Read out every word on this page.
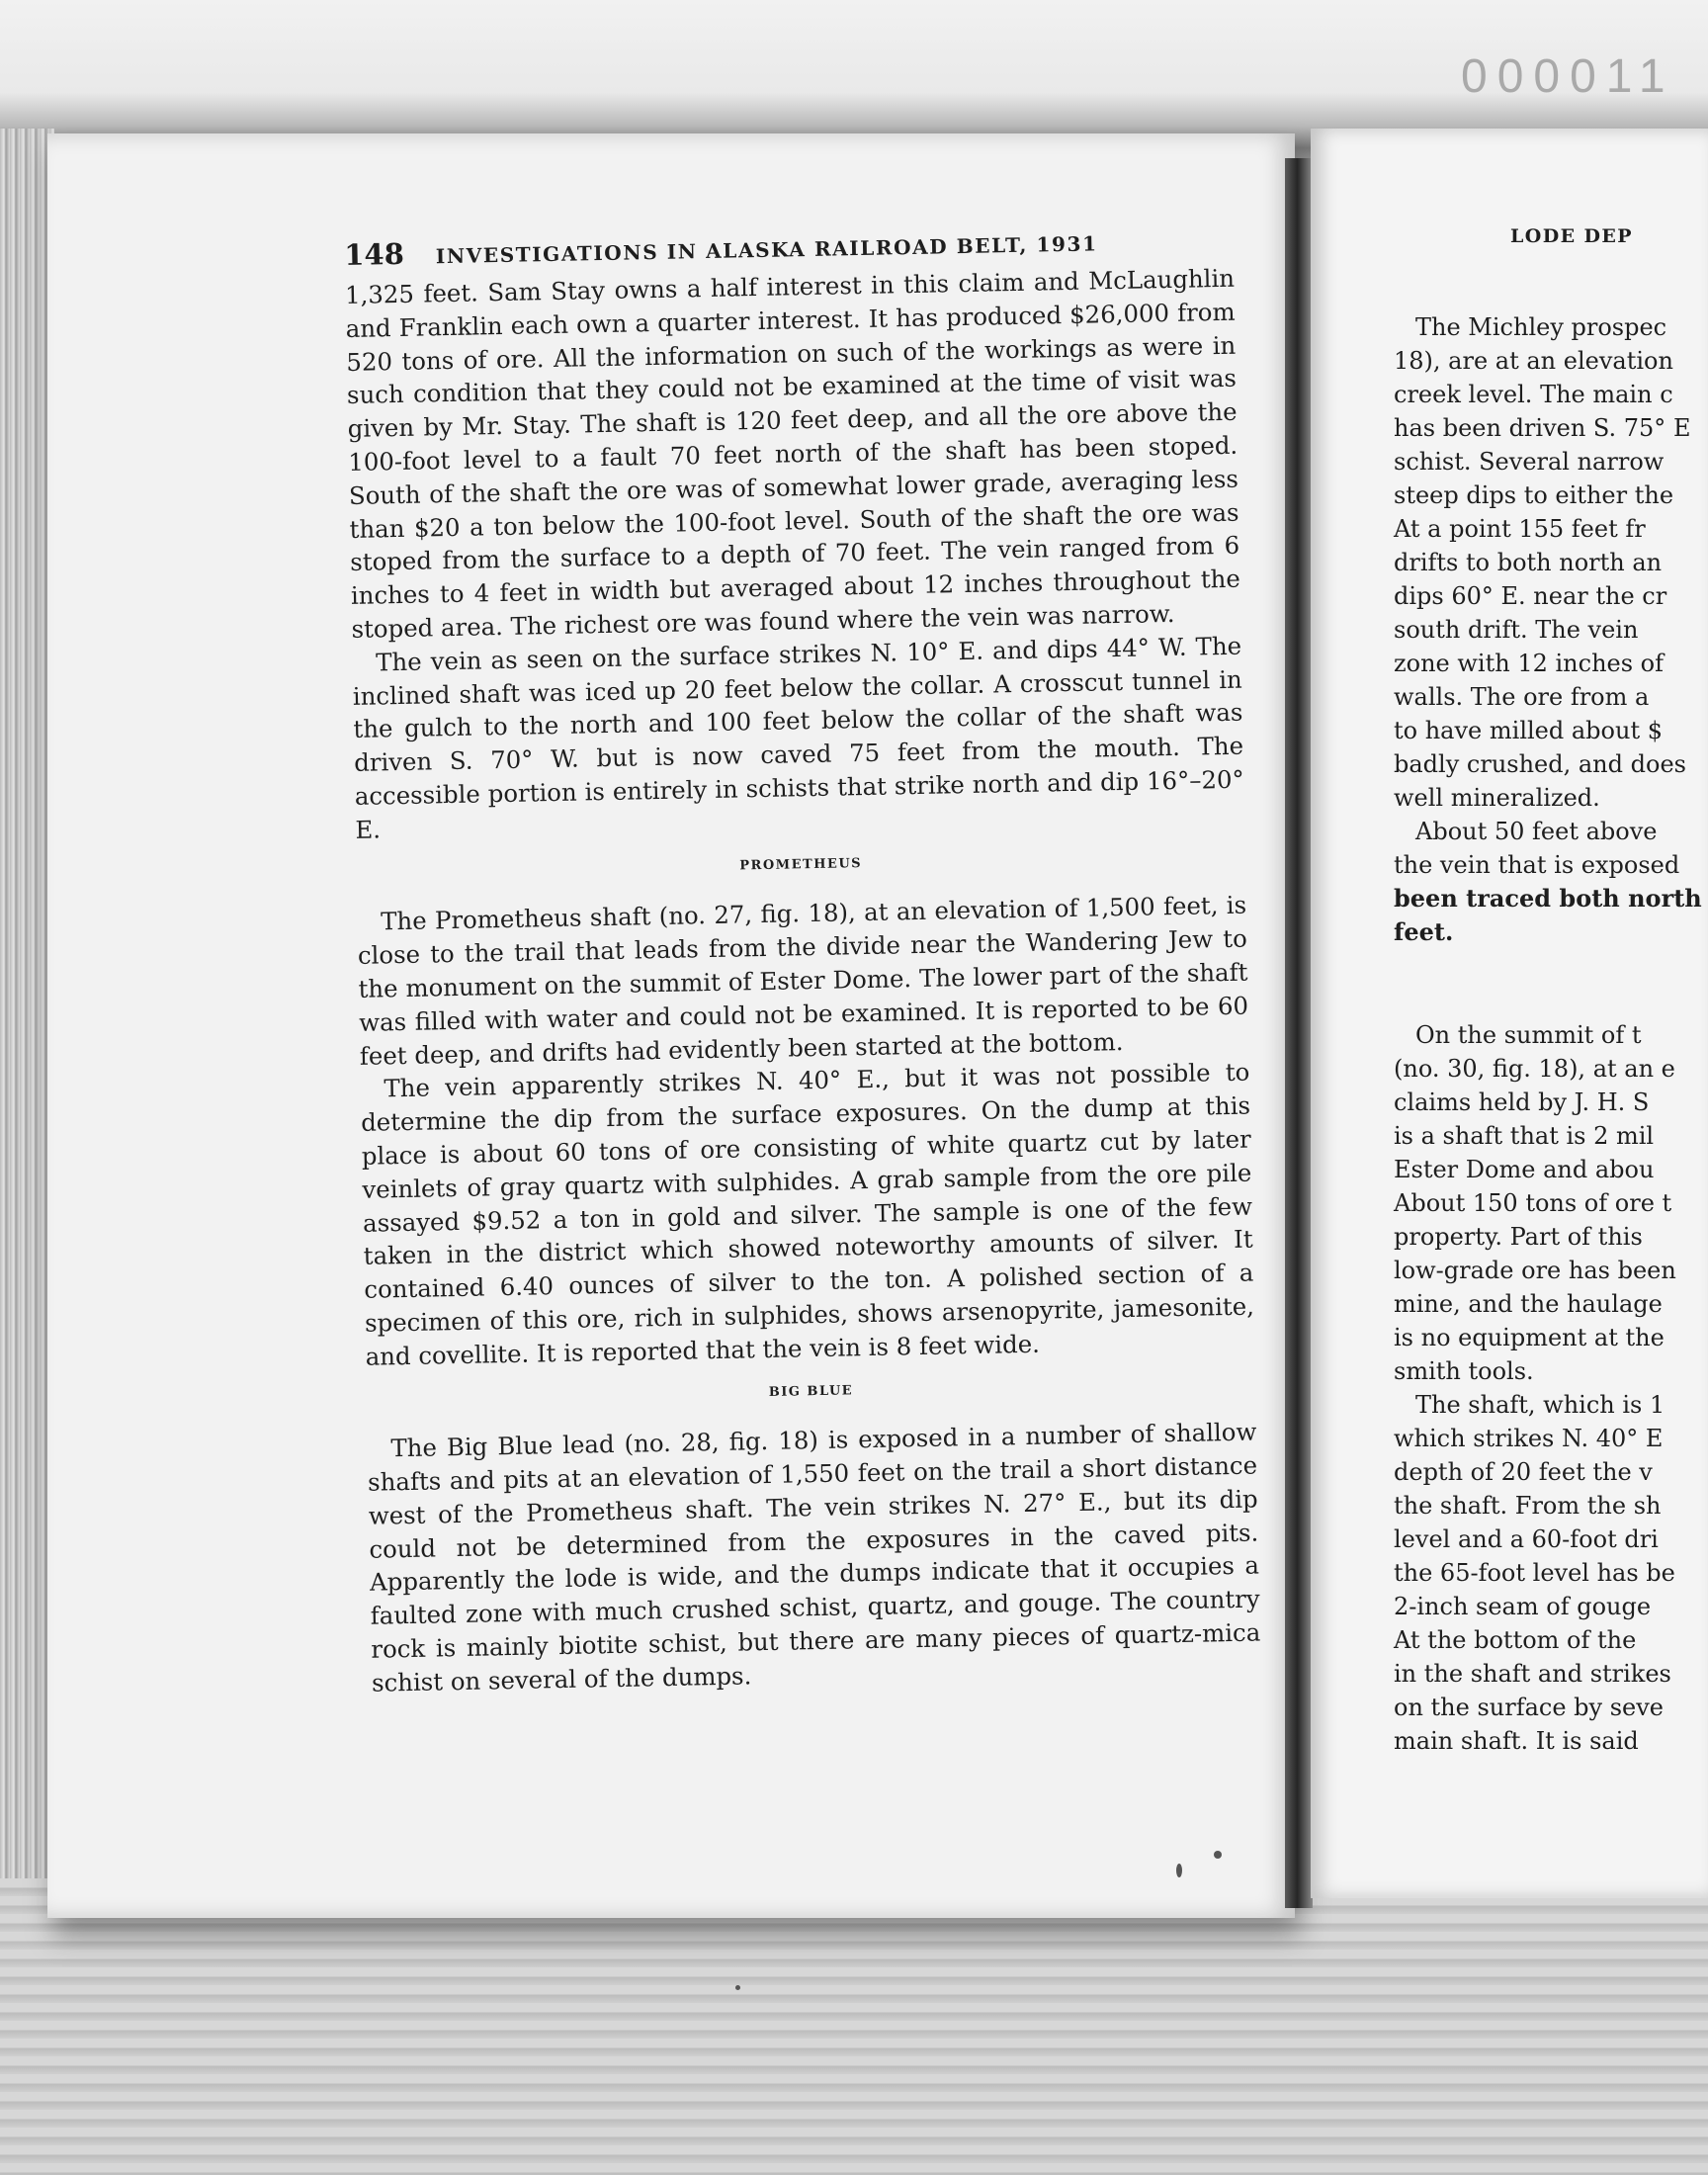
000011
LODE DEP
The Michley prospec
18), are at an elevation
creek level. The main c
has been driven S. 75° E
schist. Several narrow
steep dips to either the
At a point 155 feet fr
drifts to both north an
dips 60° E. near the cr
south drift. The vein
zone with 12 inches of
walls. The ore from a
to have milled about $
badly crushed, and does
well mineralized.
About 50 feet above
the vein that is exposed
been traced both north
feet.
On the summit of t
(no. 30, fig. 18), at an e
claims held by J. H. S
is a shaft that is 2 mil
Ester Dome and abou
About 150 tons of ore t
property. Part of this
low-grade ore has been
mine, and the haulage
is no equipment at the
smith tools.
The shaft, which is 1
which strikes N. 40° E
depth of 20 feet the v
the shaft. From the sh
level and a 60-foot dri
the 65-foot level has be
2-inch seam of gouge
At the bottom of the
in the shaft and strikes
on the surface by seve
main shaft. It is said
148 INVESTIGATIONS IN ALASKA RAILROAD BELT, 1931

1,325 feet. Sam Stay owns a half interest in this claim and McLaughlin and Franklin each own a quarter interest. It has produced $26,000 from 520 tons of ore. All the information on such of the workings as were in such condition that they could not be examined at the time of visit was given by Mr. Stay. The shaft is 120 feet deep, and all the ore above the 100-foot level to a fault 70 feet north of the shaft has been stoped. South of the shaft the ore was of somewhat lower grade, averaging less than $20 a ton below the 100-foot level. South of the shaft the ore was stoped from the surface to a depth of 70 feet. The vein ranged from 6 inches to 4 feet in width but averaged about 12 inches throughout the stoped area. The richest ore was found where the vein was narrow.

The vein as seen on the surface strikes N. 10° E. and dips 44° W. The inclined shaft was iced up 20 feet below the collar. A crosscut tunnel in the gulch to the north and 100 feet below the collar of the shaft was driven S. 70° W. but is now caved 75 feet from the mouth. The accessible portion is entirely in schists that strike north and dip 16°–20° E.

PROMETHEUS

The Prometheus shaft (no. 27, fig. 18), at an elevation of 1,500 feet, is close to the trail that leads from the divide near the Wandering Jew to the monument on the summit of Ester Dome. The lower part of the shaft was filled with water and could not be examined. It is reported to be 60 feet deep, and drifts had evidently been started at the bottom.

The vein apparently strikes N. 40° E., but it was not possible to determine the dip from the surface exposures. On the dump at this place is about 60 tons of ore consisting of white quartz cut by later veinlets of gray quartz with sulphides. A grab sample from the ore pile assayed $9.52 a ton in gold and silver. The sample is one of the few taken in the district which showed noteworthy amounts of silver. It contained 6.40 ounces of silver to the ton. A polished section of a specimen of this ore, rich in sulphides, shows arsenopyrite, jamesonite, and covellite. It is reported that the vein is 8 feet wide.

BIG BLUE

The Big Blue lead (no. 28, fig. 18) is exposed in a number of shallow shafts and pits at an elevation of 1,550 feet on the trail a short distance west of the Prometheus shaft. The vein strikes N. 27° E., but its dip could not be determined from the exposures in the caved pits. Apparently the lode is wide, and the dumps indicate that it occupies a faulted zone with much crushed schist, quartz, and gouge. The country rock is mainly biotite schist, but there are many pieces of quartz-mica schist on several of the dumps.
